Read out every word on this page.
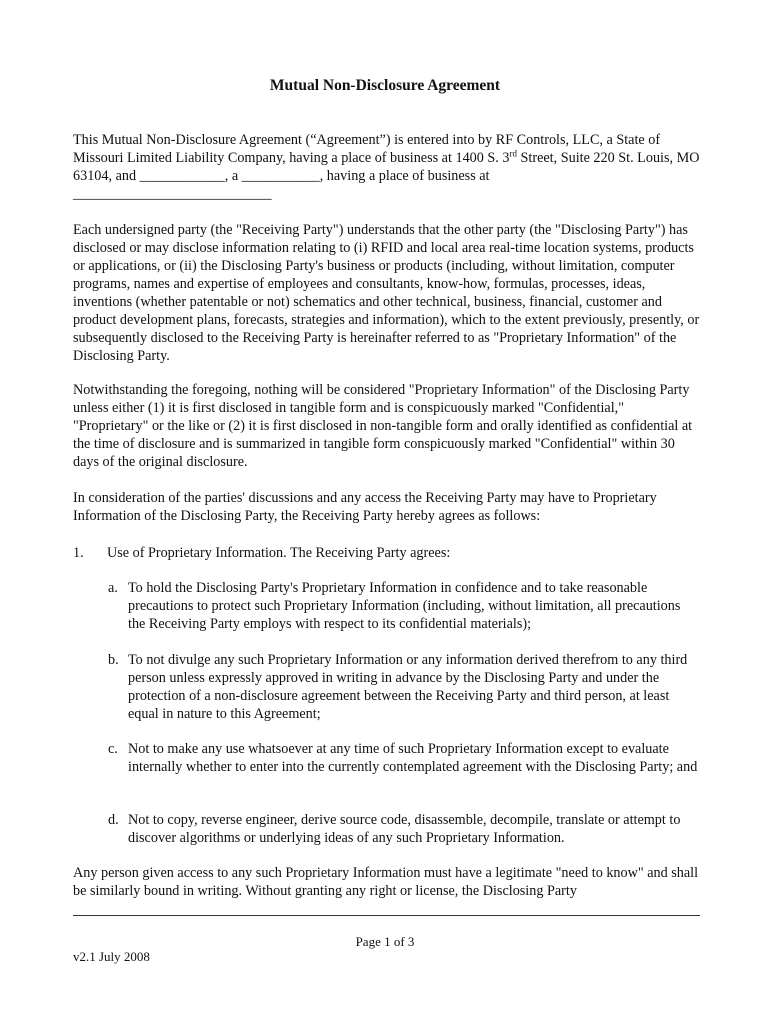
Mutual Non-Disclosure Agreement

This Mutual Non-Disclosure Agreement (“Agreement”) is entered into by RF Controls, LLC, a State of Missouri Limited Liability Company, having a place of business at 1400 S. 3rd Street, Suite 220 St. Louis, MO 63104, and ____________, a ___________, having a place of business at

____________________________

Each undersigned party (the "Receiving Party") understands that the other party (the "Disclosing Party") has disclosed or may disclose information relating to (i) RFID and local area real-time location systems, products or applications, or (ii) the Disclosing Party's business or products (including, without limitation, computer programs, names and expertise of employees and consultants, know-how, formulas, processes, ideas, inventions (whether patentable or not) schematics and other technical, business, financial, customer and product development plans, forecasts, strategies and information), which to the extent previously, presently, or subsequently disclosed to the Receiving Party is hereinafter referred to as "Proprietary Information" of the Disclosing Party.

Notwithstanding the foregoing, nothing will be considered "Proprietary Information" of the Disclosing Party unless either (1) it is first disclosed in tangible form and is conspicuously marked "Confidential," "Proprietary" or the like or (2) it is first disclosed in non-tangible form and orally identified as confidential at the time of disclosure and is summarized in tangible form conspicuously marked "Confidential" within 30 days of the original disclosure.

In consideration of the parties' discussions and any access the Receiving Party may have to Proprietary Information of the Disclosing Party, the Receiving Party hereby agrees as follows:

1. Use of Proprietary Information. The Receiving Party agrees:
a. To hold the Disclosing Party's Proprietary Information in confidence and to take reasonable precautions to protect such Proprietary Information (including, without limitation, all precautions the Receiving Party employs with respect to its confidential materials);
b. To not divulge any such Proprietary Information or any information derived therefrom to any third person unless expressly approved in writing in advance by the Disclosing Party and under the protection of a non-disclosure agreement between the Receiving Party and third person, at least equal in nature to this Agreement;
c. Not to make any use whatsoever at any time of such Proprietary Information except to evaluate internally whether to enter into the currently contemplated agreement with the Disclosing Party; and
d. Not to copy, reverse engineer, derive source code, disassemble, decompile, translate or attempt to discover algorithms or underlying ideas of any such Proprietary Information.

Any person given access to any such Proprietary Information must have a legitimate "need to know" and shall be similarly bound in writing. Without granting any right or license, the Disclosing Party

Page 1 of 3
v2.1 July 2008
